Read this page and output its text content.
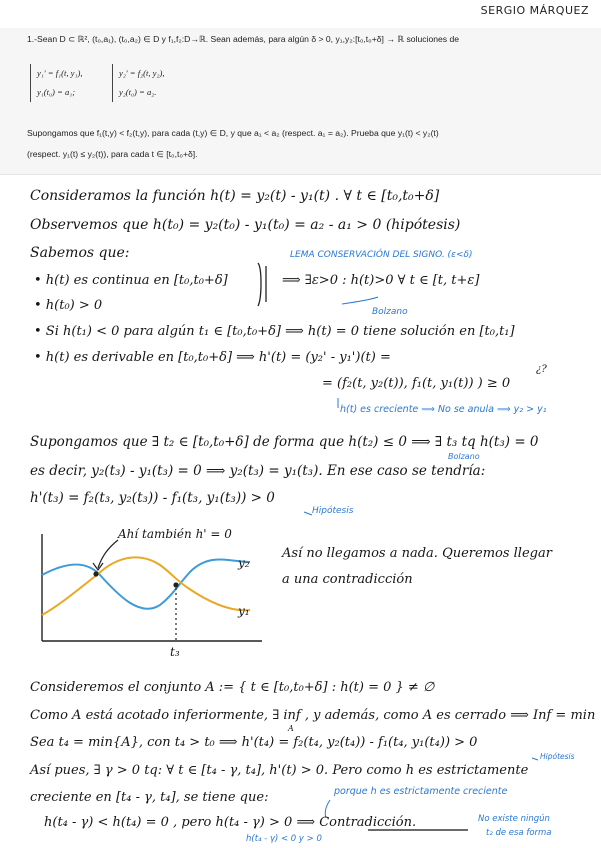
SERGIO MÁRQUEZ
1.-Sean D ⊂ ℝ², (t₀,a₁), (t₀,a₂) ∈ D y f₁,f₂:D→ℝ. Sean además, para algún δ > 0, y₁,y₂:[t₀,t₀+δ] → ℝ soluciones de
y₁' = f₁(t, y₁),
y₁(t₀) = a₁;
y₂' = f₂(t, y₂),
y₂(t₀) = a₂.
Supongamos que f₁(t,y) < f₂(t,y), para cada (t,y) ∈ D, y que a₁ < a₂ (respect. a₁ = a₂). Prueba que y₁(t) < y₂(t)
(respect. y₁(t) ≤ y₂(t)), para cada t ∈ [t₀,t₀+δ].
Consideramos la función h(t) = y₂(t) - y₁(t) . ∀ t ∈ [t₀,t₀+δ]
Observemos que h(t₀) = y₂(t₀) - y₁(t₀) = a₂ - a₁ > 0 (hipótesis)
Sabemos que:	LEMA CONSERVACIÓN DEL SIGNO. (ε<δ)
• h(t) es continua en [t₀,t₀+δ]	⟹ ∃ε>0 : h(t)>0 ∀ t ∈ [t, t+ε]
• h(t₀) > 0	Bolzano
• Si h(t₁) < 0 para algún t₁ ∈ [t₀,t₀+δ] ⟹ h(t) = 0 tiene solución en [t₀,t₁]
• h(t) es derivable en [t₀,t₀+δ] ⟹ h'(t) = (y₂' - y₁')(t) =
= (f₂(t, y₂(t)), f₁(t, y₁(t)) ) ≥ 0
¿?
h(t) es creciente ⟹ No se anula ⟹ y₂ > y₁
Supongamos que ∃ t₂ ∈ [t₀,t₀+δ] de forma que h(t₂) ≤ 0 ⟹ ∃ t₃ tq h(t₃) = 0
Bolzano
es decir, y₂(t₃) - y₁(t₃) = 0 ⟹ y₂(t₃) = y₁(t₃). En ese caso se tendría:
h'(t₃) = f₂(t₃, y₂(t₃)) - f₁(t₃, y₁(t₃)) > 0
Hipótesis
Ahí también h' = 0
y₂
y₁
t₃
Así no llegamos a nada. Queremos llegar
a una contradicción
Consideremos el conjunto A := { t ∈ [t₀,t₀+δ] : h(t) = 0 } ≠ ∅
Como A está acotado inferiormente, ∃ inf , y además, como A es cerrado ⟹ Inf = min
A
Sea t₄ = min{A}, con t₄ > t₀ ⟹ h'(t₄) = f₂(t₄, y₂(t₄)) - f₁(t₄, y₁(t₄)) > 0
Hipótesis
Así pues, ∃ γ > 0 tq: ∀ t ∈ [t₄ - γ, t₄], h'(t) > 0. Pero como h es estrictamente
porque h es estrictamente creciente
creciente en [t₄ - γ, t₄], se tiene que:
h(t₄ - γ) < h(t₄) = 0 , pero h(t₄ - γ) > 0 ⟹ Contradicción.	No existe ningún
t₂ de esa forma
h(t₄ - γ) < 0 y > 0
